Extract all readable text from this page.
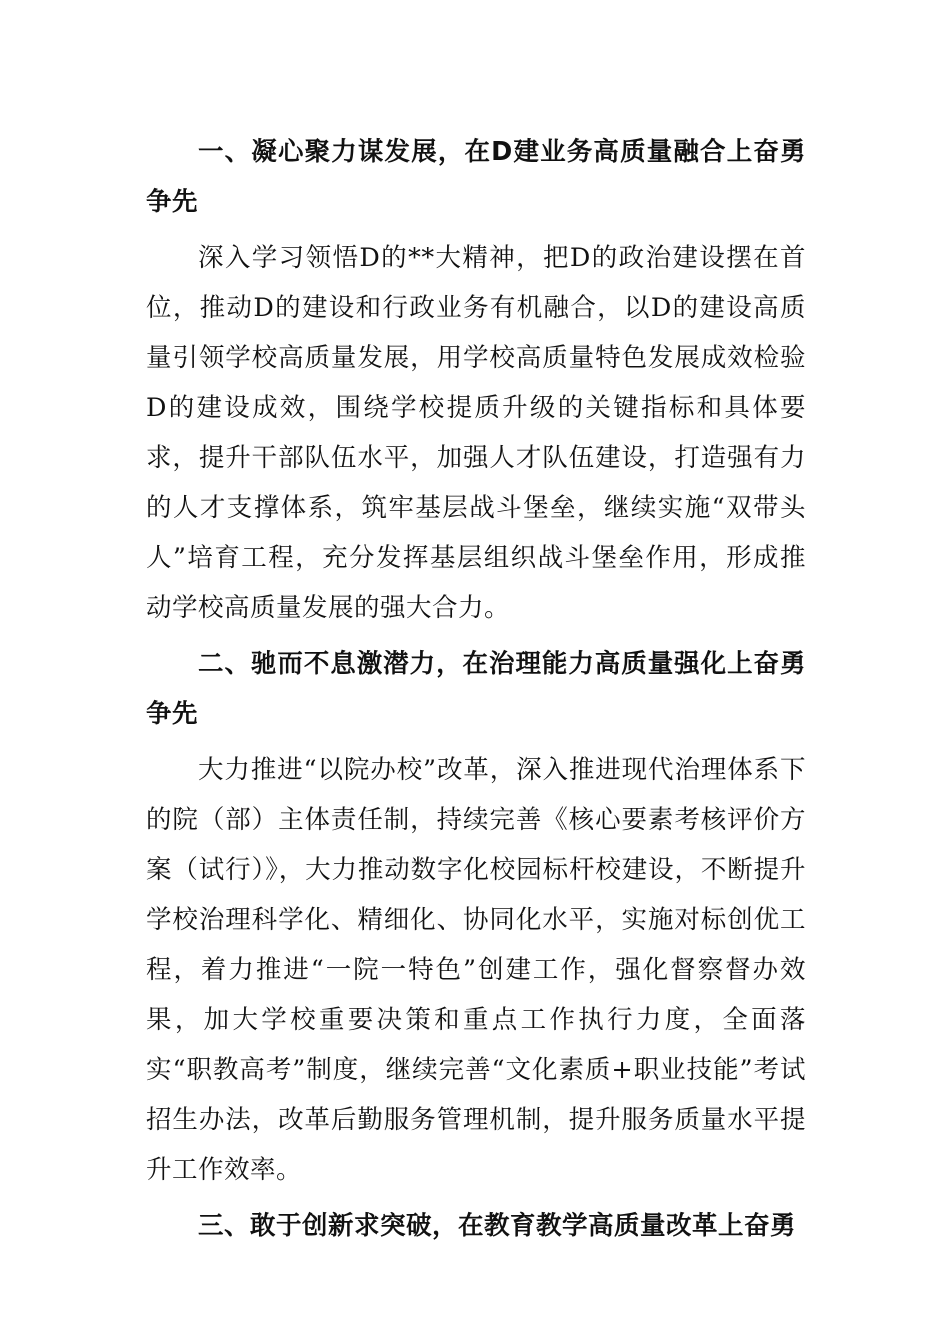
一、凝心聚力谋发展，在D建业务高质量融合上奋勇争先
深入学习领悟D的**大精神，把D的政治建设摆在首位，推动D的建设和行政业务有机融合，以D的建设高质量引领学校高质量发展，用学校高质量特色发展成效检验D的建设成效，围绕学校提质升级的关键指标和具体要求，提升干部队伍水平，加强人才队伍建设，打造强有力的人才支撑体系，筑牢基层战斗堡垒，继续实施“双带头人”培育工程，充分发挥基层组织战斗堡垒作用，形成推动学校高质量发展的强大合力。
二、驰而不息激潜力，在治理能力高质量强化上奋勇争先
大力推进“以院办校”改革，深入推进现代治理体系下的院（部）主体责任制，持续完善《核心要素考核评价方案（试行）》，大力推动数字化校园标杆校建设，不断提升学校治理科学化、精细化、协同化水平，实施对标创优工程，着力推进“一院一特色”创建工作，强化督察督办效果，加大学校重要决策和重点工作执行力度，全面落实“职教高考”制度，继续完善“文化素质+职业技能”考试招生办法，改革后勤服务管理机制，提升服务质量水平提升工作效率。
三、敢于创新求突破，在教育教学高质量改革上奋勇
